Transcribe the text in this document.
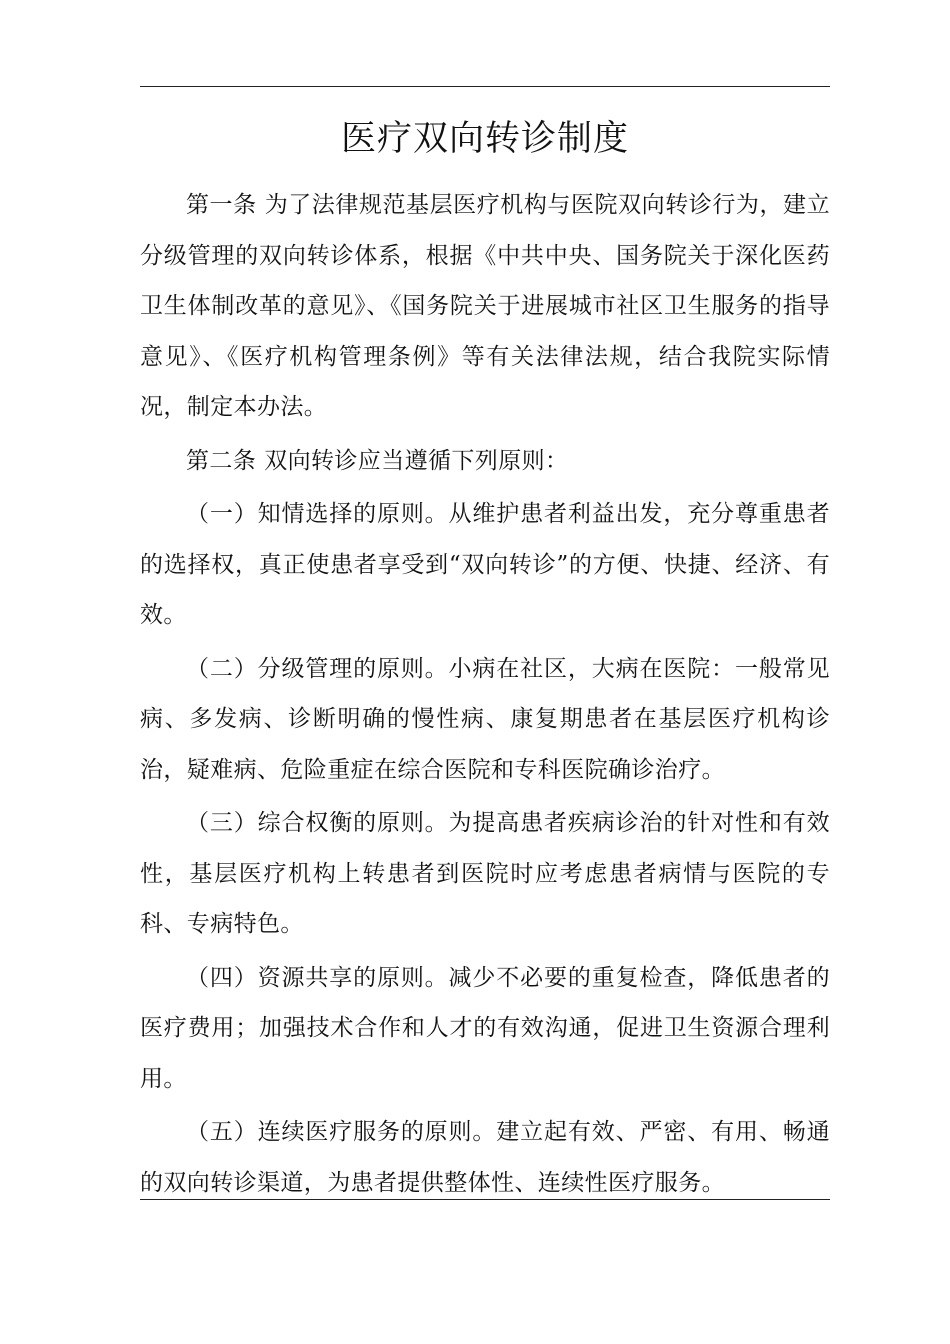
医疗双向转诊制度

第一条 为了法律规范基层医疗机构与医院双向转诊行为，建立分级管理的双向转诊体系，根据《中共中央、国务院关于深化医药卫生体制改革的意见》、《国务院关于进展城市社区卫生服务的指导意见》、《医疗机构管理条例》等有关法律法规，结合我院实际情况，制定本办法。

第二条 双向转诊应当遵循下列原则：

（一）知情选择的原则。从维护患者利益出发，充分尊重患者的选择权，真正使患者享受到“双向转诊”的方便、快捷、经济、有效。

（二）分级管理的原则。小病在社区，大病在医院：一般常见病、多发病、诊断明确的慢性病、康复期患者在基层医疗机构诊治，疑难病、危险重症在综合医院和专科医院确诊治疗。

（三）综合权衡的原则。为提高患者疾病诊治的针对性和有效性，基层医疗机构上转患者到医院时应考虑患者病情与医院的专科、专病特色。

（四）资源共享的原则。减少不必要的重复检查，降低患者的医疗费用；加强技术合作和人才的有效沟通，促进卫生资源合理利用。

（五）连续医疗服务的原则。建立起有效、严密、有用、畅通的双向转诊渠道，为患者提供整体性、连续性医疗服务。
